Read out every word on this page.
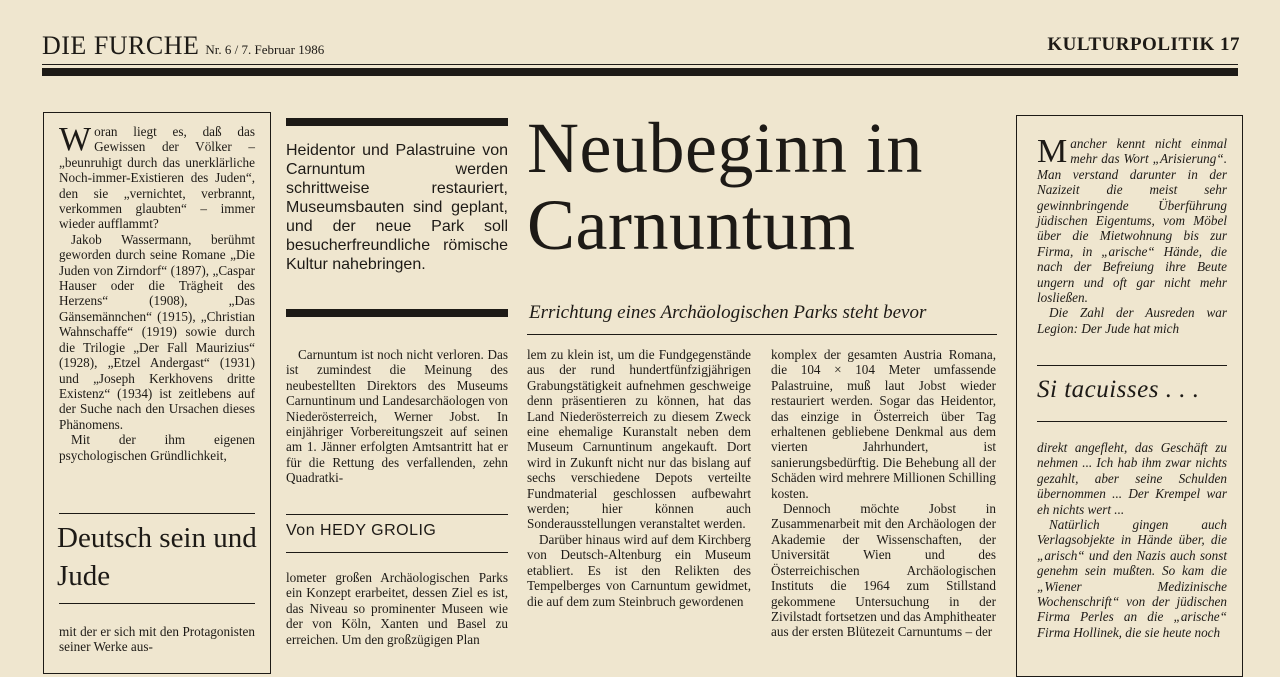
DIE FURCHE Nr. 6 / 7. Februar 1986	KULTURPOLITIK 17

Woran liegt es, daß das Gewissen der Völker – „beunruhigt durch das unerklärliche Noch-immer-Existieren des Juden“, den sie „vernichtet, verbrannt, verkommen glaubten“ – immer wieder aufflammt?

Jakob Wassermann, berühmt geworden durch seine Romane „Die Juden von Zirndorf“ (1897), „Caspar Hauser oder die Trägheit des Herzens“ (1908), „Das Gänsemännchen“ (1915), „Christian Wahnschaffe“ (1919) sowie durch die Trilogie „Der Fall Maurizius“ (1928), „Etzel Andergast“ (1931) und „Joseph Kerkhovens dritte Existenz“ (1934) ist zeitlebens auf der Suche nach den Ursachen dieses Phänomens.

Mit der ihm eigenen psychologischen Gründlichkeit,

Deutsch sein und Jude
mit der er sich mit den Protagonisten seiner Werke aus-
Heidentor und Palastruine von Carnuntum werden schrittweise restauriert, Museumsbauten sind geplant, und der neue Park soll besucherfreundliche römische Kultur nahebringen.
Neubeginn in Carnuntum
Errichtung eines Archäologischen Parks steht bevor
Carnuntum ist noch nicht verloren. Das ist zumindest die Meinung des neubestellten Direktors des Museums Carnuntinum und Landesarchäologen von Niederösterreich, Werner Jobst. In einjähriger Vorbereitungszeit auf seinen am 1. Jänner erfolgten Amtsantritt hat er für die Rettung des verfallenden, zehn Quadratki-
Von HEDY GROLIG
lometer großen Archäologischen Parks ein Konzept erarbeitet, dessen Ziel es ist, das Niveau so prominenter Museen wie der von Köln, Xanten und Basel zu erreichen. Um den großzügigen Plan

lem zu klein ist, um die Fundgegenstände aus der rund hundertfünfzigjährigen Grabungstätigkeit aufnehmen geschweige denn präsentieren zu können, hat das Land Niederösterreich zu diesem Zweck eine ehemalige Kuranstalt neben dem Museum Carnuntinum angekauft. Dort wird in Zukunft nicht nur das bislang auf sechs verschiedene Depots verteilte Fundmaterial geschlossen aufbewahrt werden; hier können auch Sonderausstellungen veranstaltet werden.

Darüber hinaus wird auf dem Kirchberg von Deutsch-Altenburg ein Museum etabliert. Es ist den Relikten des Tempelberges von Carnuntum gewidmet, die auf dem zum Steinbruch gewordenen

komplex der gesamten Austria Romana, die 104 × 104 Meter umfassende Palastruine, muß laut Jobst wieder restauriert werden. Sogar das Heidentor, das einzige in Österreich über Tag erhaltenen gebliebene Denkmal aus dem vierten Jahrhundert, ist sanierungsbedürftig. Die Behebung all der Schäden wird mehrere Millionen Schilling kosten.

Dennoch möchte Jobst in Zusammenarbeit mit den Archäologen der Akademie der Wissenschaften, der Universität Wien und des Österreichischen Archäologischen Instituts die 1964 zum Stillstand gekommene Untersuchung in der Zivilstadt fortsetzen und das Amphitheater aus der ersten Blütezeit Carnuntums – der

Mancher kennt nicht einmal mehr das Wort „Arisierung“. Man verstand darunter in der Nazizeit die meist sehr gewinnbringende Überführung jüdischen Eigentums, vom Möbel über die Mietwohnung bis zur Firma, in „arische“ Hände, die nach der Befreiung ihre Beute ungern und oft gar nicht mehr losließen.

Die Zahl der Ausreden war Legion: Der Jude hat mich

Si tacuisses . . .

direkt angefleht, das Geschäft zu nehmen ... Ich hab ihm zwar nichts gezahlt, aber seine Schulden übernommen ... Der Krempel war eh nichts wert ...

Natürlich gingen auch Verlagsobjekte in Hände über, die „arisch“ und den Nazis auch sonst genehm sein mußten. So kam die „Wiener Medizinische Wochenschrift“ von der jüdischen Firma Perles an die „arische“ Firma Hollinek, die sie heute noch
